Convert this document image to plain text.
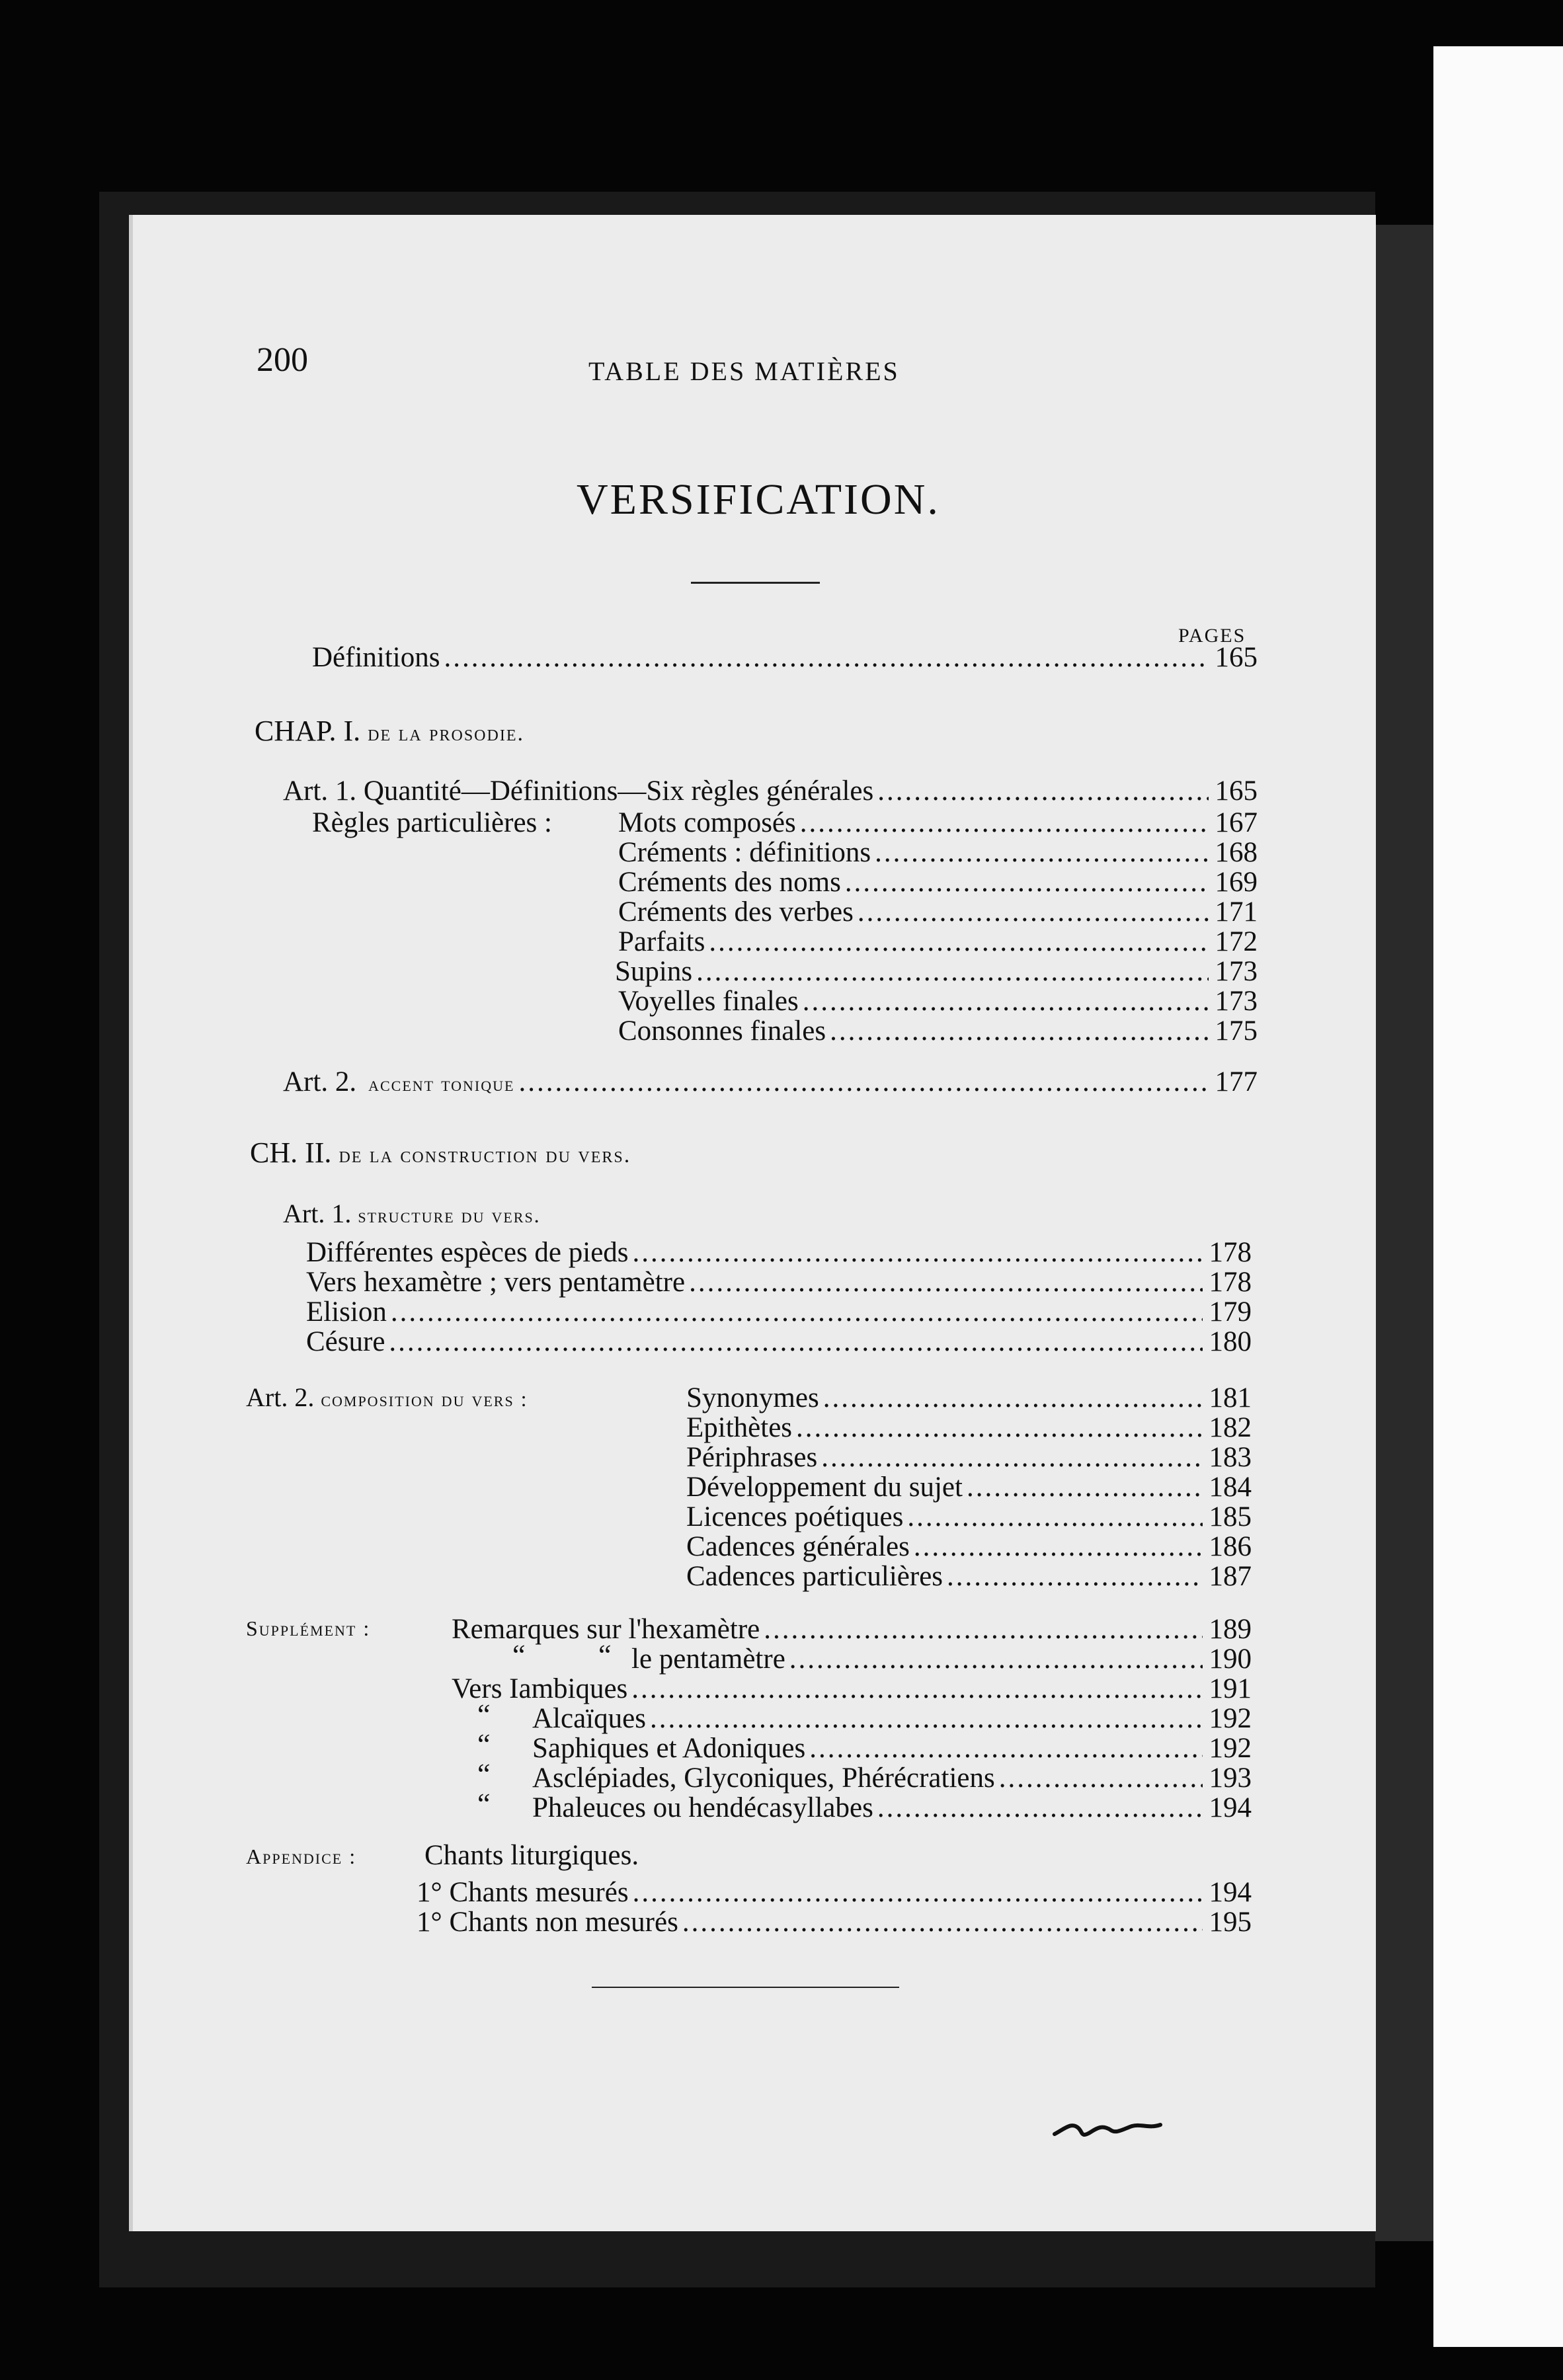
200	TABLE DES MATIÈRES
VERSIFICATION.
PAGES
Définitions .....	165
CHAP. I. de la prosodie.
Art. 1. Quantité—Définitions—Six règles générales .....	165
Règles particulières : Mots composés .....	167
Créments : définitions .....	168
Créments des noms .....	169
Créments des verbes .....	171
Parfaits .....	172
Supins .....	173
Voyelles finales .....	173
Consonnes finales .....	175
Art. 2. accent tonique .....	177
CH. II. de la construction du vers.
Art. 1. structure du vers.
Différentes espèces de pieds .....	178
Vers hexamètre ; vers pentamètre .....	178
Elision .....	179
Césure .....	180
Art. 2. composition du vers :	Synonymes .....	181
Epithètes .....	182
Périphrases .....	183
Développement du sujet .....	184
Licences poétiques .....	185
Cadences générales .....	186
Cadences particulières .....	187
Supplément :	Remarques sur l'hexamètre .....	189
“	“ le pentamètre .....	190
Vers Iambiques .....	191
“ Alcaïques .....	192
“ Saphiques et Adoniques .....	192
“ Asclépiades, Glyconiques, Phérécratiens .....	193
“ Phaleuces ou hendécasyllabes .....	194
Appendice : Chants liturgiques.
1° Chants mesurés .....	194
1° Chants non mesurés .....	195
